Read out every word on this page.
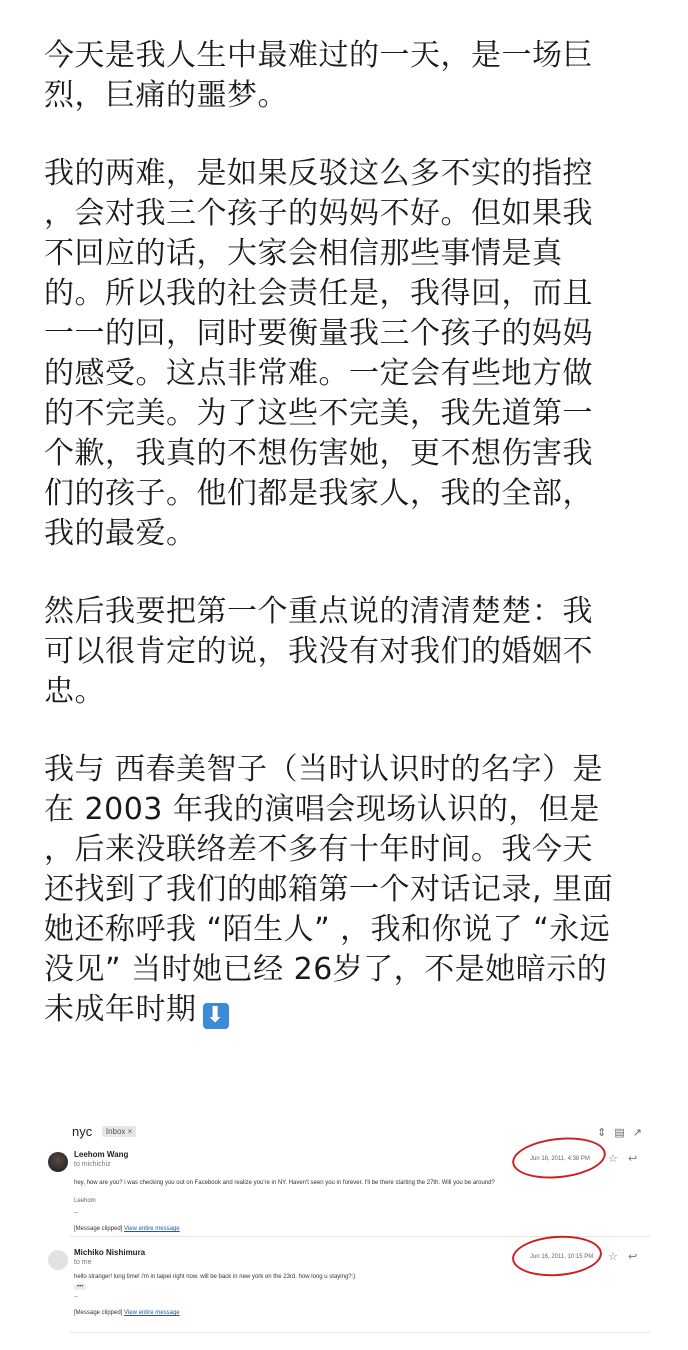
今天是我人生中最难过的一天，是一场巨
烈，巨痛的噩梦。
我的两难，是如果反驳这么多不实的指控
，会对我三个孩子的妈妈不好。但如果我
不回应的话，大家会相信那些事情是真
的。所以我的社会责任是，我得回，而且
一一的回，同时要衡量我三个孩子的妈妈
的感受。这点非常难。一定会有些地方做
的不完美。为了这些不完美，我先道第一
个歉，我真的不想伤害她，更不想伤害我
们的孩子。他们都是我家人，我的全部，
我的最爱。
然后我要把第一个重点说的清清楚楚：我
可以很肯定的说，我没有对我们的婚姻不
忠。
我与 西春美智子（当时认识时的名字）是
在 2003 年我的演唱会现场认识的，但是
，后来没联络差不多有十年时间。我今天
还找到了我们的邮箱第一个对话记录, 里面
她还称呼我 “陌生人” ，我和你说了 “永远
没见” 当时她已经 26岁了，不是她暗示的
未成年时期 ⬇
nyc Inbox ×	⇕▤↗
Leehom Wang
to michichiz
Jun 16, 2011, 4:38 PM ☆ ↩
hey, how are you? i was checking you out on Facebook and realize you're in NY. Haven't seen you in forever. I'll be there starting the 27th. Will you be around?
Leehom
--
[Message clipped] View entire message
Michiko Nishimura
to me
Jun 16, 2011, 10:15 PM ☆ ↩
hello stranger! long time! i'm in taipei right now. will be back in new york on the 23rd. how long u staying?:)
•••
--
[Message clipped] View entire message
